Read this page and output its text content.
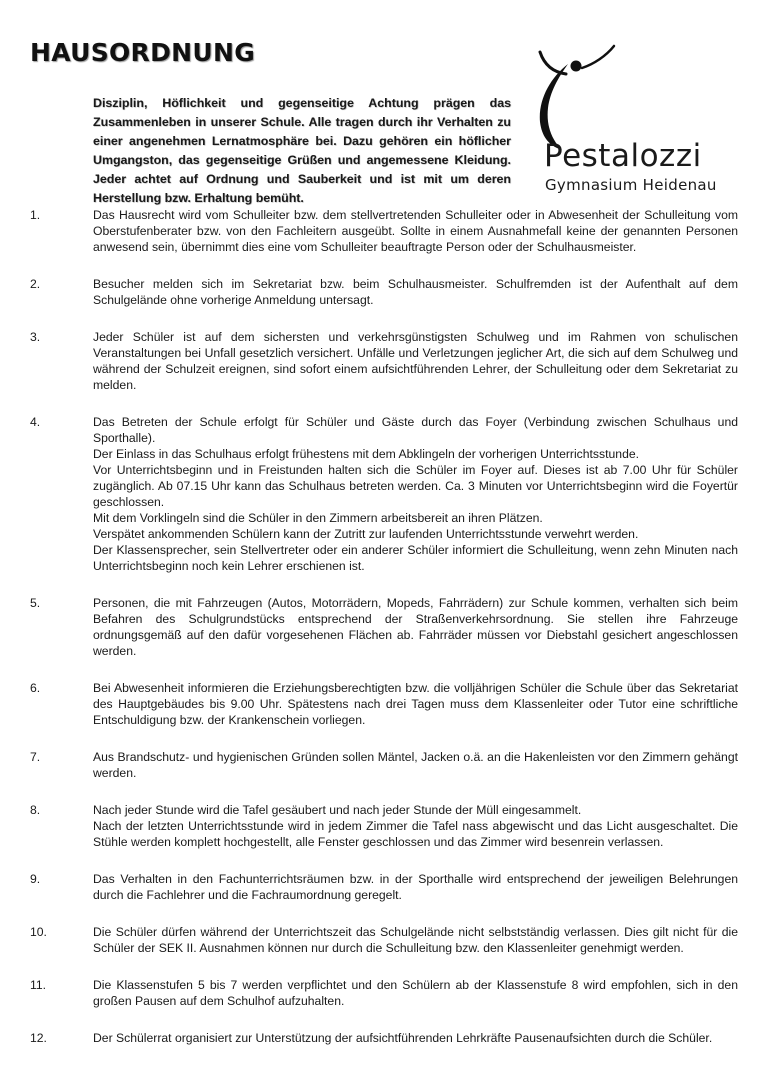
HAUSORDNUNG
Disziplin, Höflichkeit und gegenseitige Achtung prägen das Zusammenleben in unserer Schule. Alle tragen durch ihr Verhalten zu einer angenehmen Lernatmosphäre bei. Dazu gehören ein höflicher Umgangston, das gegenseitige Grüßen und angemessene Kleidung. Jeder achtet auf Ordnung und Sauberkeit und ist mit um deren Herstellung bzw. Erhaltung bemüht.
Pestalozzi
Gymnasium Heidenau
1.	Das Hausrecht wird vom Schulleiter bzw. dem stellvertretenden Schulleiter oder in Abwesenheit der Schulleitung vom Oberstufenberater bzw. von den Fachleitern ausgeübt. Sollte in einem Ausnahmefall keine der genannten Personen anwesend sein, übernimmt dies eine vom Schulleiter beauftragte Person oder der Schulhausmeister.

2.	Besucher melden sich im Sekretariat bzw. beim Schulhausmeister. Schulfremden ist der Aufenthalt auf dem Schulgelände ohne vorherige Anmeldung untersagt.

3.	Jeder Schüler ist auf dem sichersten und verkehrsgünstigsten Schulweg und im Rahmen von schulischen Veranstaltungen bei Unfall gesetzlich versichert. Unfälle und Verletzungen jeglicher Art, die sich auf dem Schulweg und während der Schulzeit ereignen, sind sofort einem aufsichtführenden Lehrer, der Schulleitung oder dem Sekretariat zu melden.

4.	Das Betreten der Schule erfolgt für Schüler und Gäste durch das Foyer (Verbindung zwischen Schulhaus und Sporthalle).

Der Einlass in das Schulhaus erfolgt frühestens mit dem Abklingeln der vorherigen Unterrichtsstunde.

Vor Unterrichtsbeginn und in Freistunden halten sich die Schüler im Foyer auf. Dieses ist ab 7.00 Uhr für Schüler zugänglich. Ab 07.15 Uhr kann das Schulhaus betreten werden. Ca. 3 Minuten vor Unterrichtsbeginn wird die Foyertür geschlossen.

Mit dem Vorklingeln sind die Schüler in den Zimmern arbeitsbereit an ihren Plätzen.

Verspätet ankommenden Schülern kann der Zutritt zur laufenden Unterrichtsstunde verwehrt werden.

Der Klassensprecher, sein Stellvertreter oder ein anderer Schüler informiert die Schulleitung, wenn zehn Minuten nach Unterrichtsbeginn noch kein Lehrer erschienen ist.

5.	Personen, die mit Fahrzeugen (Autos, Motorrädern, Mopeds, Fahrrädern) zur Schule kommen, verhalten sich beim Befahren des Schulgrundstücks entsprechend der Straßenverkehrsordnung. Sie stellen ihre Fahrzeuge ordnungsgemäß auf den dafür vorgesehenen Flächen ab. Fahrräder müssen vor Diebstahl gesichert angeschlossen werden.

6.	Bei Abwesenheit informieren die Erziehungsberechtigten bzw. die volljährigen Schüler die Schule über das Sekretariat des Hauptgebäudes bis 9.00 Uhr. Spätestens nach drei Tagen muss dem Klassenleiter oder Tutor eine schriftliche Entschuldigung bzw. der Krankenschein vorliegen.

7.	Aus Brandschutz- und hygienischen Gründen sollen Mäntel, Jacken o.ä. an die Hakenleisten vor den Zimmern gehängt werden.

8.	Nach jeder Stunde wird die Tafel gesäubert und nach jeder Stunde der Müll eingesammelt.

Nach der letzten Unterrichtsstunde wird in jedem Zimmer die Tafel nass abgewischt und das Licht ausgeschaltet. Die Stühle werden komplett hochgestellt, alle Fenster geschlossen und das Zimmer wird besenrein verlassen.

9.	Das Verhalten in den Fachunterrichtsräumen bzw. in der Sporthalle wird entsprechend der jeweiligen Belehrungen durch die Fachlehrer und die Fachraumordnung geregelt.

10.	Die Schüler dürfen während der Unterrichtszeit das Schulgelände nicht selbstständig verlassen. Dies gilt nicht für die Schüler der SEK II. Ausnahmen können nur durch die Schulleitung bzw. den Klassenleiter genehmigt werden.

11.	Die Klassenstufen 5 bis 7 werden verpflichtet und den Schülern ab der Klassenstufe 8 wird empfohlen, sich in den großen Pausen auf dem Schulhof aufzuhalten.

12.	Der Schülerrat organisiert zur Unterstützung der aufsichtführenden Lehrkräfte Pausenaufsichten durch die Schüler.
